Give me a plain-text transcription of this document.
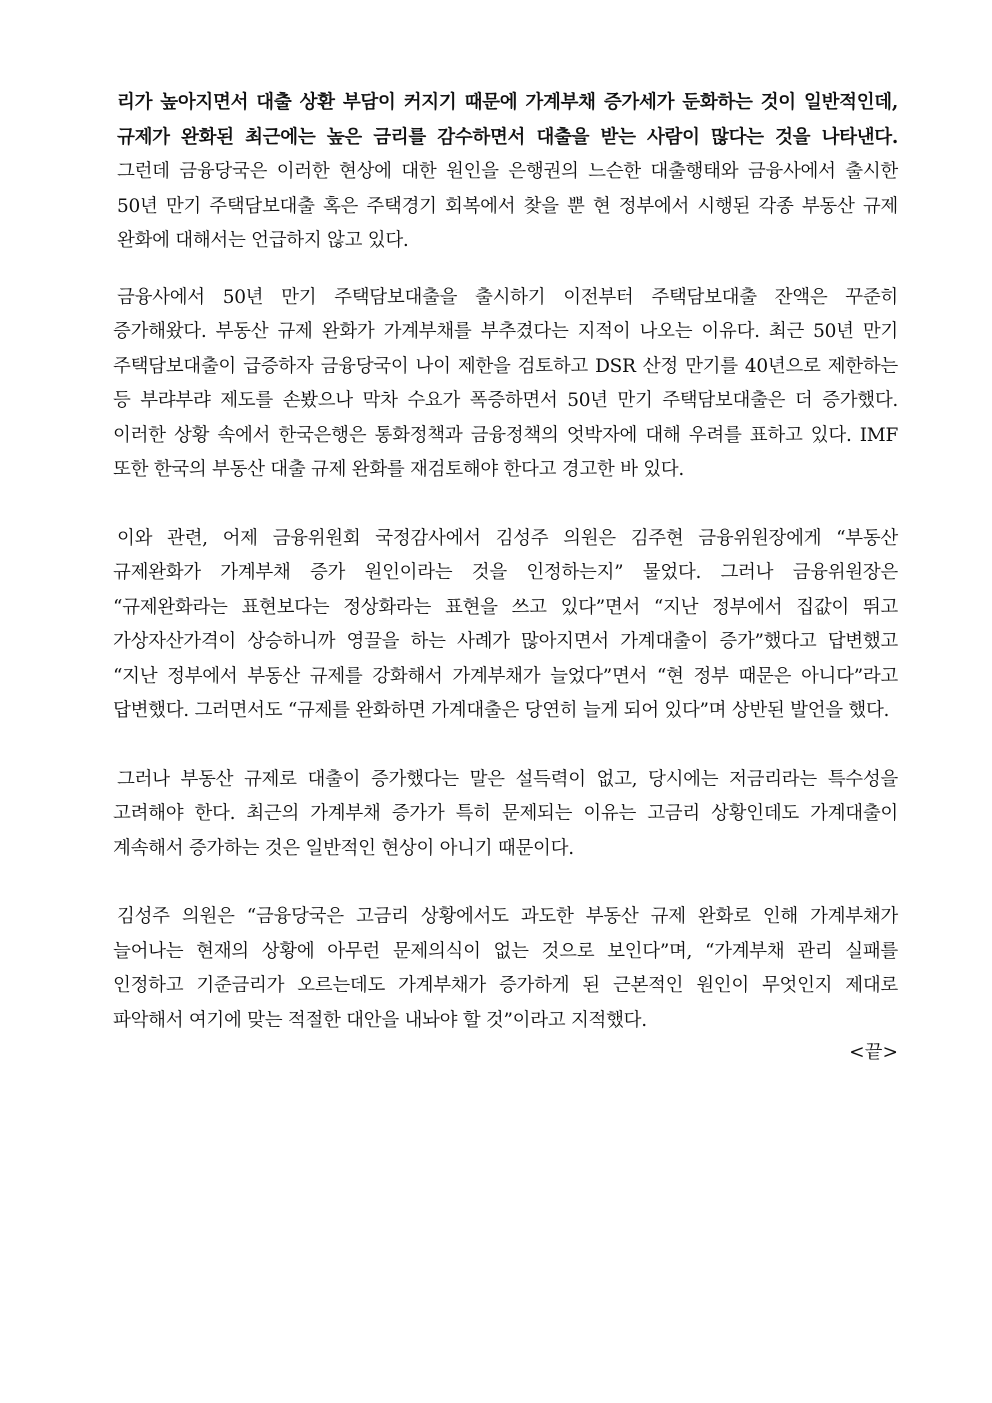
리가 높아지면서 대출 상환 부담이 커지기 때문에 가계부채 증가세가 둔화하는 것이 일반적인데, 규제가 완화된 최근에는 높은 금리를 감수하면서 대출을 받는 사람이 많다는 것을 나타낸다. 그런데 금융당국은 이러한 현상에 대한 원인을 은행권의 느슨한 대출행태와 금융사에서 출시한 50년 만기 주택담보대출 혹은 주택경기 회복에서 찾을 뿐 현 정부에서 시행된 각종 부동산 규제 완화에 대해서는 언급하지 않고 있다.

금융사에서 50년 만기 주택담보대출을 출시하기 이전부터 주택담보대출 잔액은 꾸준히 증가해왔다. 부동산 규제 완화가 가계부채를 부추겼다는 지적이 나오는 이유다. 최근 50년 만기 주택담보대출이 급증하자 금융당국이 나이 제한을 검토하고 DSR 산정 만기를 40년으로 제한하는 등 부랴부랴 제도를 손봤으나 막차 수요가 폭증하면서 50년 만기 주택담보대출은 더 증가했다. 이러한 상황 속에서 한국은행은 통화정책과 금융정책의 엇박자에 대해 우려를 표하고 있다. IMF 또한 한국의 부동산 대출 규제 완화를 재검토해야 한다고 경고한 바 있다.

이와 관련, 어제 금융위원회 국정감사에서 김성주 의원은 김주현 금융위원장에게 “부동산 규제완화가 가계부채 증가 원인이라는 것을 인정하는지” 물었다. 그러나 금융위원장은 “규제완화라는 표현보다는 정상화라는 표현을 쓰고 있다”면서 “지난 정부에서 집값이 뛰고 가상자산가격이 상승하니까 영끌을 하는 사례가 많아지면서 가계대출이 증가”했다고 답변했고 “지난 정부에서 부동산 규제를 강화해서 가계부채가 늘었다”면서 “현 정부 때문은 아니다”라고 답변했다. 그러면서도 “규제를 완화하면 가계대출은 당연히 늘게 되어 있다”며 상반된 발언을 했다.

그러나 부동산 규제로 대출이 증가했다는 말은 설득력이 없고, 당시에는 저금리라는 특수성을 고려해야 한다. 최근의 가계부채 증가가 특히 문제되는 이유는 고금리 상황인데도 가계대출이 계속해서 증가하는 것은 일반적인 현상이 아니기 때문이다.

김성주 의원은 “금융당국은 고금리 상황에서도 과도한 부동산 규제 완화로 인해 가계부채가 늘어나는 현재의 상황에 아무런 문제의식이 없는 것으로 보인다”며, “가계부채 관리 실패를 인정하고 기준금리가 오르는데도 가계부채가 증가하게 된 근본적인 원인이 무엇인지 제대로 파악해서 여기에 맞는 적절한 대안을 내놔야 할 것”이라고 지적했다.

<끝>
